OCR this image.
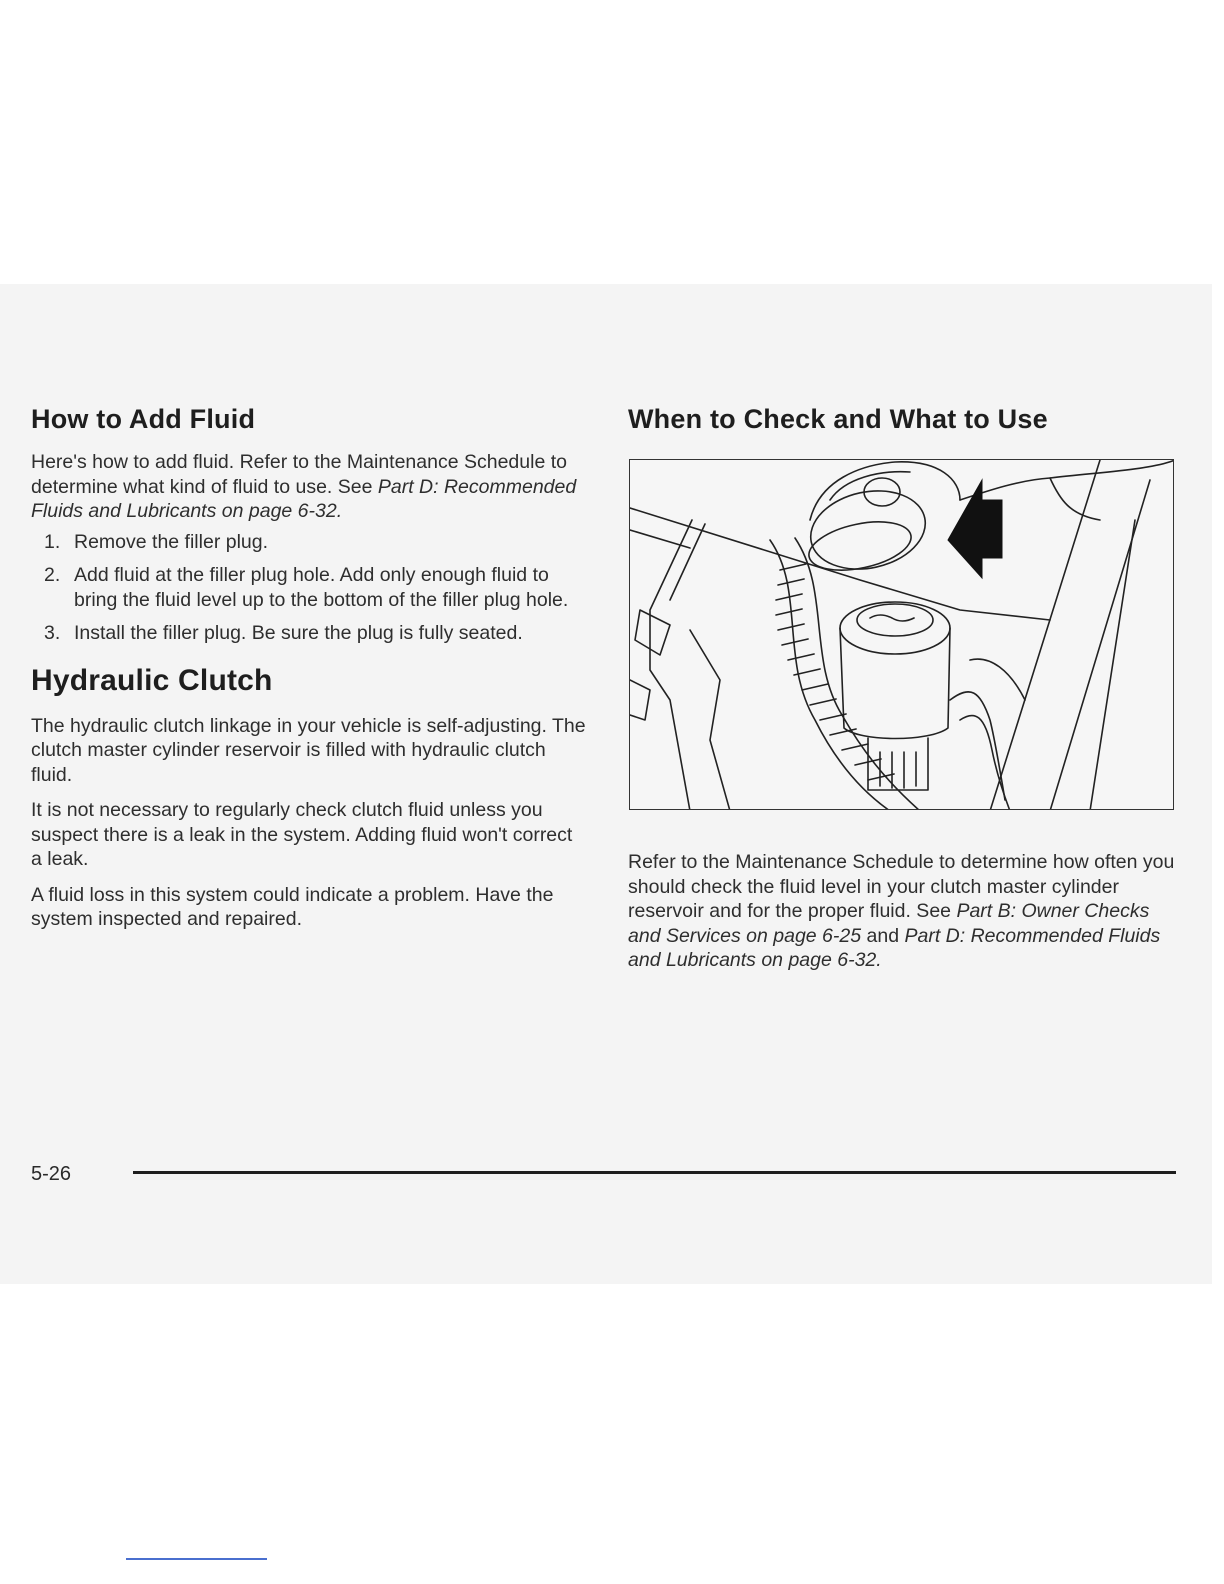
How to Add Fluid

Here's how to add fluid. Refer to the Maintenance Schedule to determine what kind of fluid to use. See Part D: Recommended Fluids and Lubricants on page 6-32.

1. Remove the filler plug.
2. Add fluid at the filler plug hole. Add only enough fluid to bring the fluid level up to the bottom of the filler plug hole.
3. Install the filler plug. Be sure the plug is fully seated.
Hydraulic Clutch

The hydraulic clutch linkage in your vehicle is self-adjusting. The clutch master cylinder reservoir is filled with hydraulic clutch fluid.

It is not necessary to regularly check clutch fluid unless you suspect there is a leak in the system. Adding fluid won't correct a leak.

A fluid loss in this system could indicate a problem. Have the system inspected and repaired.

When to Check and What to Use

Refer to the Maintenance Schedule to determine how often you should check the fluid level in your clutch master cylinder reservoir and for the proper fluid. See Part B: Owner Checks and Services on page 6-25 and Part D: Recommended Fluids and Lubricants on page 6-32.

5-26
